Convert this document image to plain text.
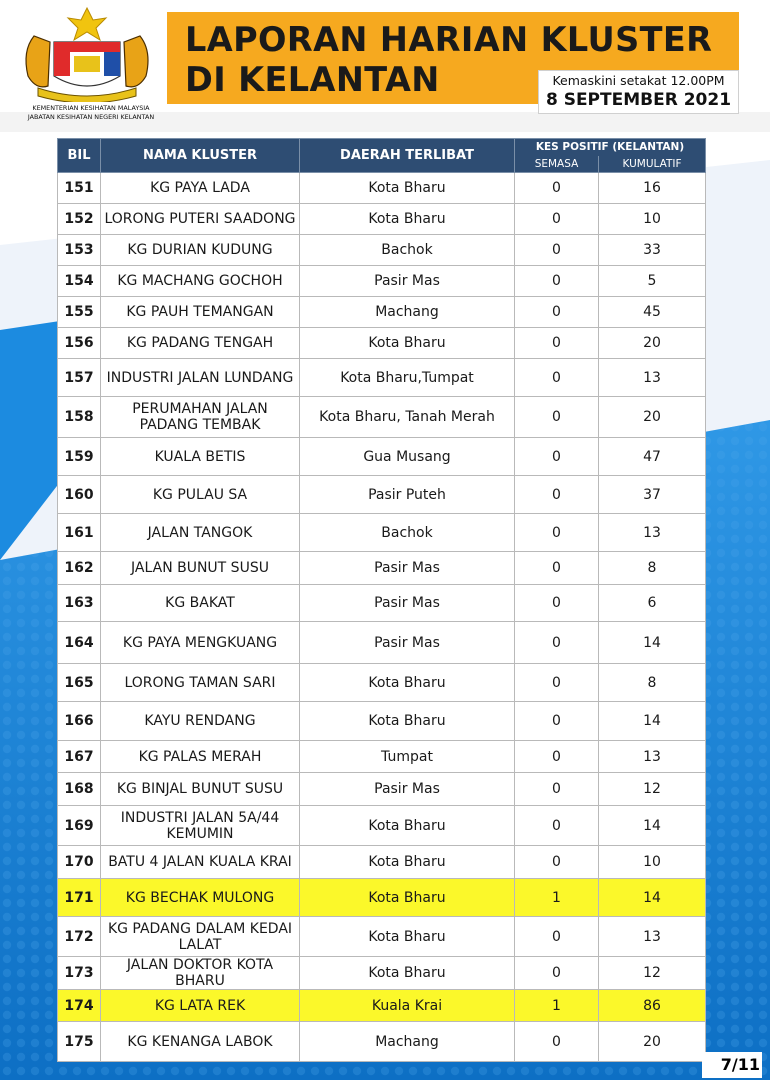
KEMENTERIAN KESIHATAN MALAYSIA
JABATAN KESIHATAN NEGERI KELANTAN
LAPORAN HARIAN KLUSTER
DI KELANTAN	Kemaskini setakat 12.00PM
8 SEPTEMBER 2021
BIL	NAMA KLUSTER	DAERAH TERLIBAT	KES POSITIF (KELANTAN)	
			SEMASA	KUMULATIF
151	KG PAYA LADA	Kota Bharu	0	16
152	LORONG PUTERI SAADONG	Kota Bharu	0	10
153	KG DURIAN KUDUNG	Bachok	0	33
154	KG MACHANG GOCHOH	Pasir Mas	0	5
155	KG PAUH TEMANGAN	Machang	0	45
156	KG PADANG TENGAH	Kota Bharu	0	20
157	INDUSTRI JALAN LUNDANG	Kota Bharu,Tumpat	0	13
158	PERUMAHAN JALAN PADANG TEMBAK	Kota Bharu, Tanah Merah	0	20
159	KUALA BETIS	Gua Musang	0	47
160	KG PULAU SA	Pasir Puteh	0	37
161	JALAN TANGOK	Bachok	0	13
162	JALAN BUNUT SUSU	Pasir Mas	0	8
163	KG BAKAT	Pasir Mas	0	6
164	KG PAYA MENGKUANG	Pasir Mas	0	14
165	LORONG TAMAN SARI	Kota Bharu	0	8
166	KAYU RENDANG	Kota Bharu	0	14
167	KG PALAS MERAH	Tumpat	0	13
168	KG BINJAL BUNUT SUSU	Pasir Mas	0	12
169	INDUSTRI JALAN 5A/44 KEMUMIN	Kota Bharu	0	14
170	BATU 4 JALAN KUALA KRAI	Kota Bharu	0	10
171	KG BECHAK MULONG	Kota Bharu	1	14
172	KG PADANG DALAM KEDAI LALAT	Kota Bharu	0	13
173	JALAN DOKTOR KOTA BHARU	Kota Bharu	0	12
174	KG LATA REK	Kuala Krai	1	86
175	KG KENANGA LABOK	Machang	0	20
7/11
